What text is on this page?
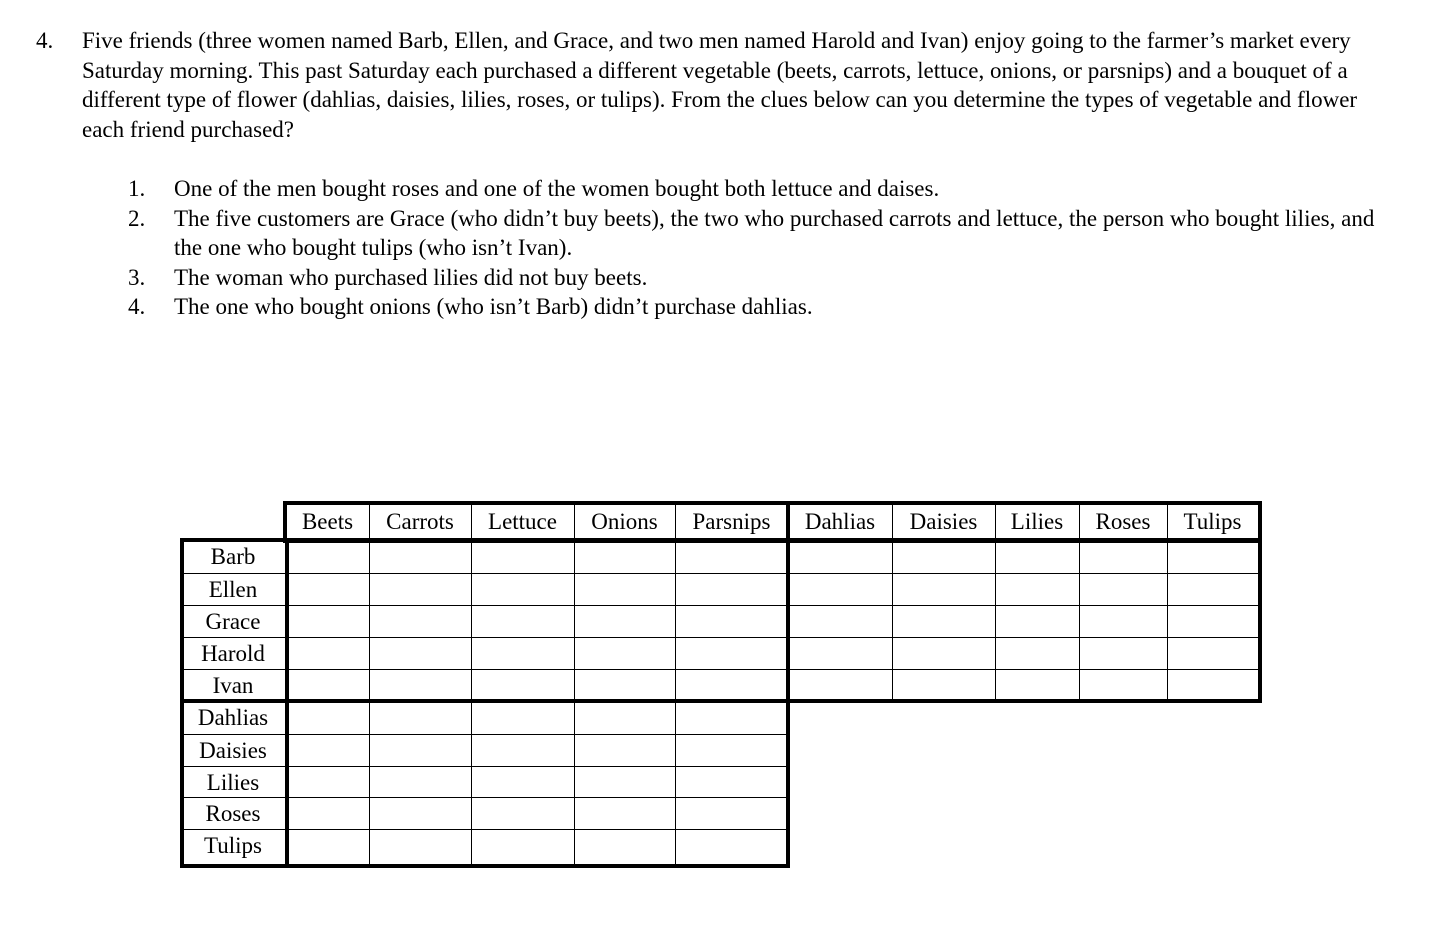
4. Five friends (three women named Barb, Ellen, and Grace, and two men named Harold and Ivan) enjoy going to the farmer’s market every Saturday morning. This past Saturday each purchased a different vegetable (beets, carrots, lettuce, onions, or parsnips) and a bouquet of a different type of flower (dahlias, daisies, lilies, roses, or tulips). From the clues below can you determine the types of vegetable and flower each friend purchased?
1.	One of the men bought roses and one of the women bought both lettuce and daises.
2.	The five customers are Grace (who didn’t buy beets), the two who purchased carrots and lettuce, the person who bought lilies, and the one who bought tulips (who isn’t Ivan).
3.	The woman who purchased lilies did not buy beets.
4.	The one who bought onions (who isn’t Barb) didn’t purchase dahlias.
Beets	Carrots	Lettuce	Onions	Parsnips	Dahlias	Daisies	Lilies	Roses	Tulips
Barb
Ellen
Grace
Harold
Ivan
Dahlias
Daisies
Lilies
Roses
Tulips
